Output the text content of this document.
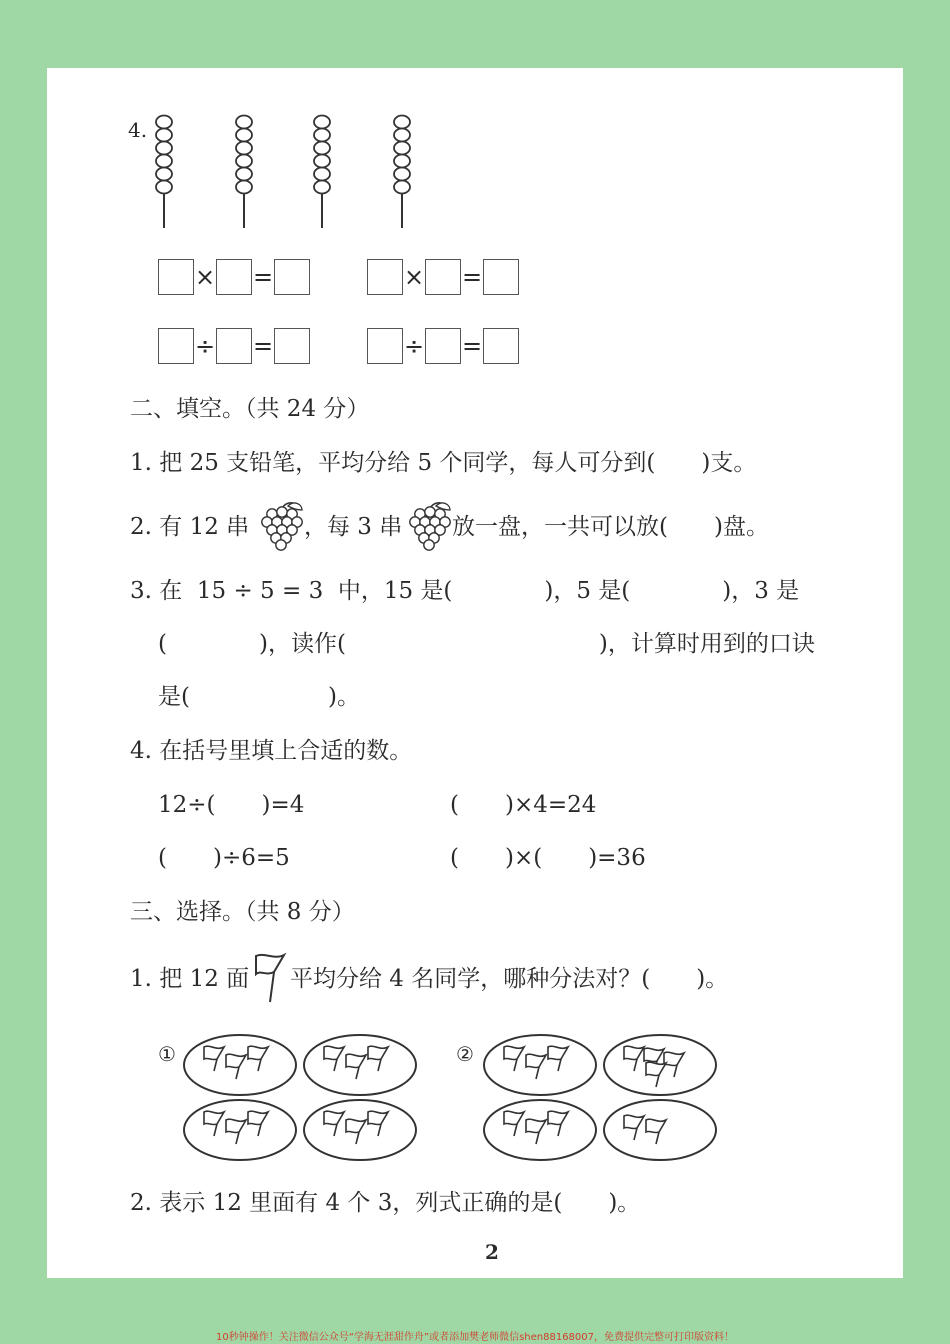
4.
× =	× =
÷ =	÷ =
二、填空。（共 24 分）
1. 把 25 支铅笔，平均分给 5 个同学，每人可分到(　　)支。
2. 有 12 串 ，每 3 串 放一盘，一共可以放(　　)盘。
3. 在  15 ÷ 5 = 3  中，15 是(　　　　)，5 是(　　　　)，3 是
(　　　　)，读作(　　　　　　　　　　　)，计算时用到的口诀
是(　　　　　　)。
4. 在括号里填上合适的数。
12÷(　　)=4	(　　)×4=24
(　　)÷6=5	(　　)×(　　)=36
三、选择。（共 8 分）
1. 把 12 面 平均分给 4 名同学，哪种分法对？(　　)。
①	②
2. 表示 12 里面有 4 个 3，列式正确的是(　　)。
2
10秒钟操作！关注微信公众号“学海无涯甜作舟”或者添加樊老师微信shen88168007，免费提供完整可打印版资料！
